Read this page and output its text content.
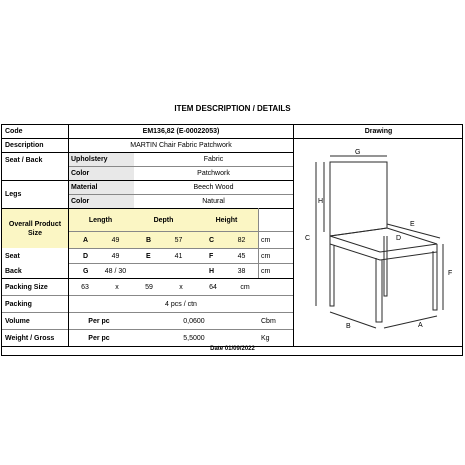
ITEM DESCRIPTION / DETAILS
Code	EM136,82 (E-00022053)	Drawing
Description	MARTIN Chair Fabric Patchwork
Seat / Back	Upholstery	Fabric
Color	Patchwork
Legs
Material	Beech Wood
Color	Natural
Overall Product
Size
Length	Depth	Height
A	49	B	57	C	82	cm
Seat	D	49	E	41	F	45	cm
Back	G	48 / 30	H	38	cm
Packing Size	63	x	59	x	64	cm
Packing	4 pcs / ctn
Volume	Per pc	0,0600	Cbm
Weight / Gross	Per pc	5,5000	Kg
G
H
C
E
D
F
B	A
Date 01/09/2022
